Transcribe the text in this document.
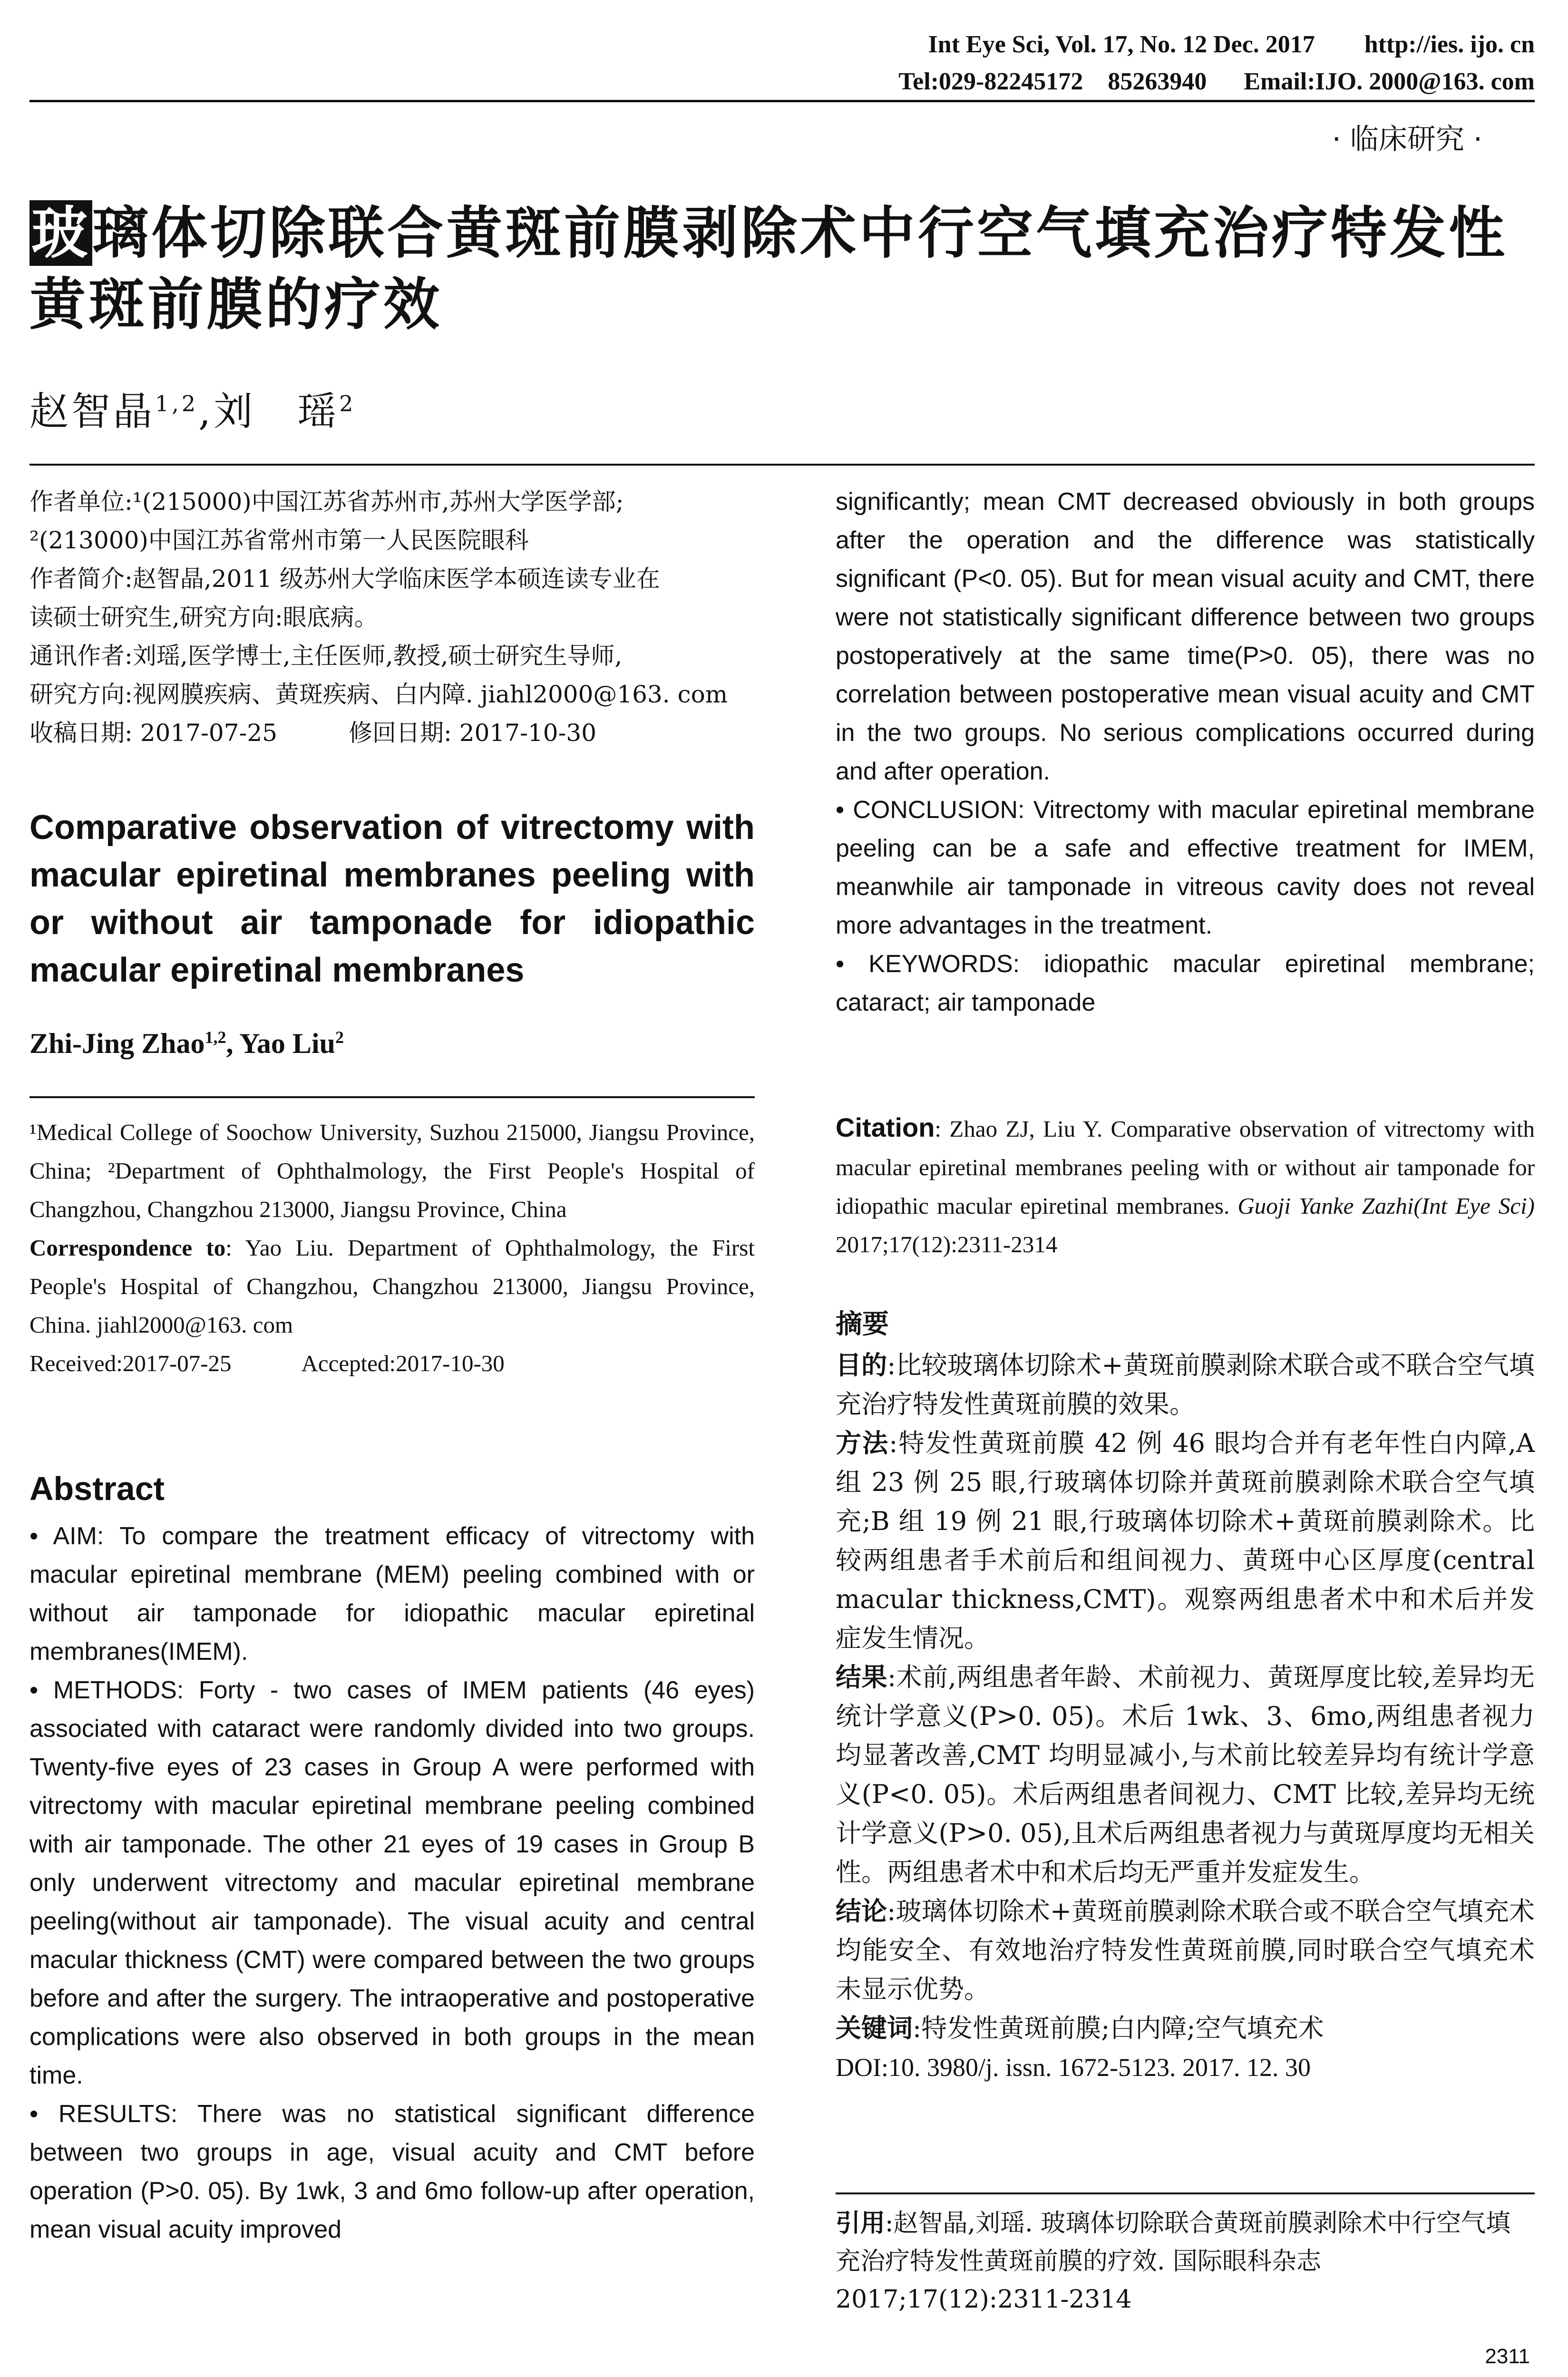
Int Eye Sci, Vol. 17, No. 12 Dec. 2017        http://ies. ijo. cn
Tel:029-82245172    85263940      Email:IJO. 2000@163. com
· 临床研究 ·
玻璃体切除联合黄斑前膜剥除术中行空气填充治疗特发性黄斑前膜的疗效
赵智晶$^{1,2}$,刘　瑶$^2$

作者单位:¹(215000)中国江苏省苏州市,苏州大学医学部;

²(213000)中国江苏省常州市第一人民医院眼科

作者简介:赵智晶,2011 级苏州大学临床医学本硕连读专业在

读硕士研究生,研究方向:眼底病。

通讯作者:刘瑶,医学博士,主任医师,教授,硕士研究生导师,

研究方向:视网膜疾病、黄斑疾病、白内障. jiahl2000@163. com

收稿日期: 2017-07-25　　　修回日期: 2017-10-30

Comparative observation of vitrectomy with macular epiretinal membranes peeling with or without air tamponade for idiopathic macular epiretinal membranes
Zhi-Jing Zhao$^{1,2}$, Yao Liu$^2$

¹Medical College of Soochow University, Suzhou 215000, Jiangsu Province, China; ²Department of Ophthalmology, the First People's Hospital of Changzhou, Changzhou 213000, Jiangsu Province, China

Correspondence to: Yao Liu. Department of Ophthalmology, the First People's Hospital of Changzhou, Changzhou 213000, Jiangsu Province, China. jiahl2000@163. com

Received:2017-07-25　　　Accepted:2017-10-30

Abstract

• AIM: To compare the treatment efficacy of vitrectomy with macular epiretinal membrane (MEM) peeling combined with or without air tamponade for idiopathic macular epiretinal membranes(IMEM).

• METHODS: Forty - two cases of IMEM patients (46 eyes) associated with cataract were randomly divided into two groups. Twenty-five eyes of 23 cases in Group A were performed with vitrectomy with macular epiretinal membrane peeling combined with air tamponade. The other 21 eyes of 19 cases in Group B only underwent vitrectomy and macular epiretinal membrane peeling(without air tamponade). The visual acuity and central macular thickness (CMT) were compared between the two groups before and after the surgery. The intraoperative and postoperative complications were also observed in both groups in the mean time.

• RESULTS: There was no statistical significant difference between two groups in age, visual acuity and CMT before operation (P>0. 05). By 1wk, 3 and 6mo follow-up after operation, mean visual acuity improved

significantly; mean CMT decreased obviously in both groups after the operation and the difference was statistically significant (P<0. 05). But for mean visual acuity and CMT, there were not statistically significant difference between two groups postoperatively at the same time(P>0. 05), there was no correlation between postoperative mean visual acuity and CMT in the two groups. No serious complications occurred during and after operation.

• CONCLUSION: Vitrectomy with macular epiretinal membrane peeling can be a safe and effective treatment for IMEM, meanwhile air tamponade in vitreous cavity does not reveal more advantages in the treatment.

• KEYWORDS: idiopathic macular epiretinal membrane; cataract; air tamponade

Citation: Zhao ZJ, Liu Y. Comparative observation of vitrectomy with macular epiretinal membranes peeling with or without air tamponade for idiopathic macular epiretinal membranes. Guoji Yanke Zazhi(Int Eye Sci) 2017;17(12):2311-2314
摘要

目的:比较玻璃体切除术+黄斑前膜剥除术联合或不联合空气填充治疗特发性黄斑前膜的效果。

方法:特发性黄斑前膜 42 例 46 眼均合并有老年性白内障,A 组 23 例 25 眼,行玻璃体切除并黄斑前膜剥除术联合空气填充;B 组 19 例 21 眼,行玻璃体切除术+黄斑前膜剥除术。比较两组患者手术前后和组间视力、黄斑中心区厚度(central macular thickness,CMT)。观察两组患者术中和术后并发症发生情况。

结果:术前,两组患者年龄、术前视力、黄斑厚度比较,差异均无统计学意义(P>0. 05)。术后 1wk、3、6mo,两组患者视力均显著改善,CMT 均明显减小,与术前比较差异均有统计学意义(P<0. 05)。术后两组患者间视力、CMT 比较,差异均无统计学意义(P>0. 05),且术后两组患者视力与黄斑厚度均无相关性。两组患者术中和术后均无严重并发症发生。

结论:玻璃体切除术+黄斑前膜剥除术联合或不联合空气填充术均能安全、有效地治疗特发性黄斑前膜,同时联合空气填充术未显示优势。

关键词:特发性黄斑前膜;白内障;空气填充术

DOI:10. 3980/j. issn. 1672-5123. 2017. 12. 30

引用:赵智晶,刘瑶. 玻璃体切除联合黄斑前膜剥除术中行空气填充治疗特发性黄斑前膜的疗效. 国际眼科杂志 2017;17(12):2311-2314
2311
